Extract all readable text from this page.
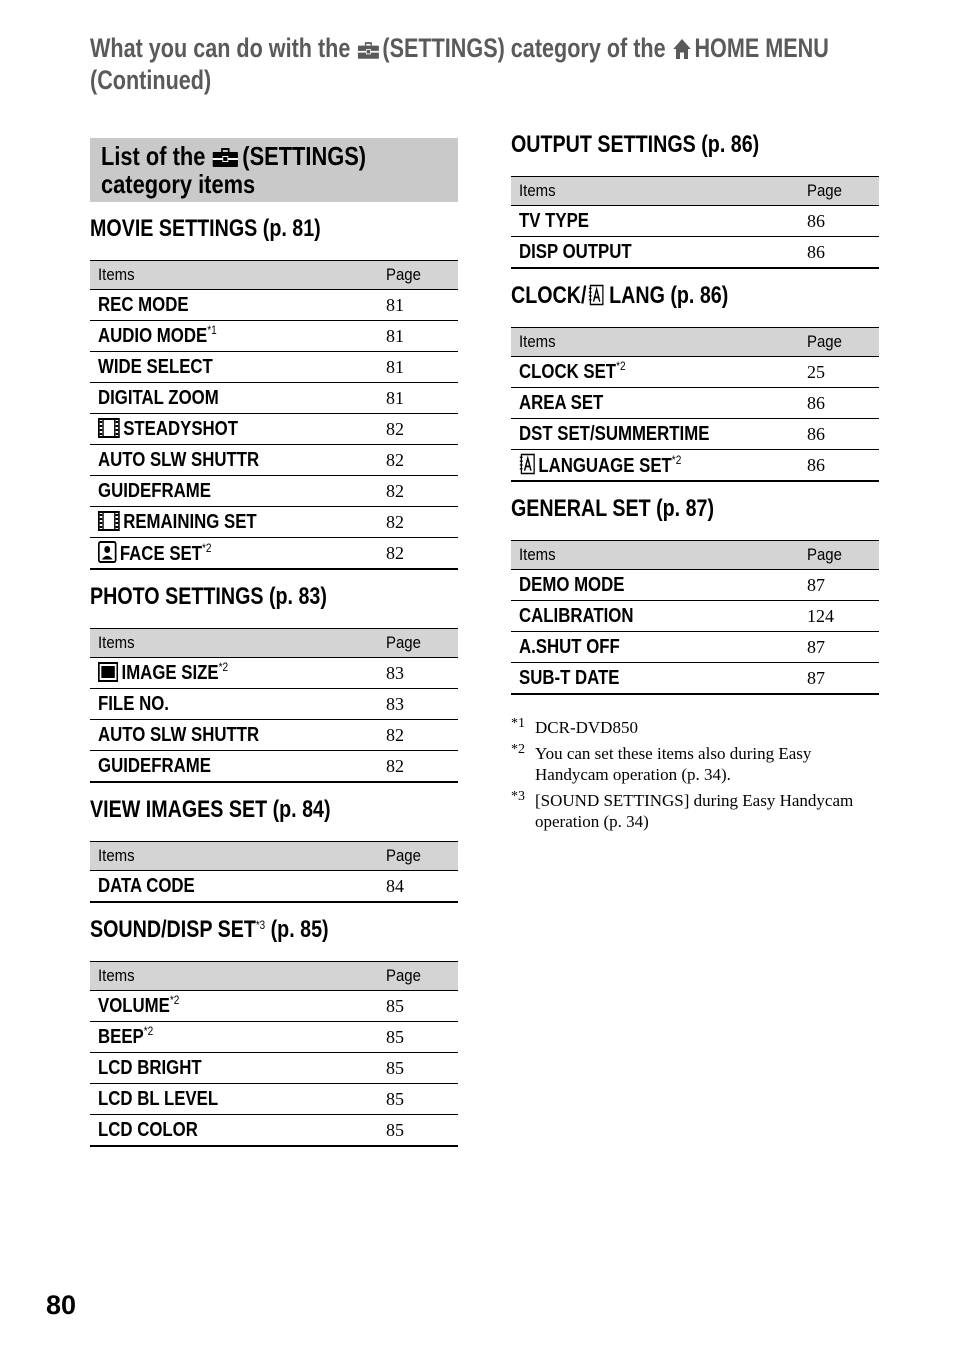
What you can do with the (SETTINGS) category of the HOME MENU
(Continued)
List of the (SETTINGS)
category items
MOVIE SETTINGS (p. 81)
Items	Page
REC MODE	81
AUDIO MODE$^{*1}$	81
WIDE SELECT	81
DIGITAL ZOOM	81
STEADYSHOT	82
AUTO SLW SHUTTR	82
GUIDEFRAME	82
REMAINING SET	82
FACE SET$^{*2}$	82
PHOTO SETTINGS (p. 83)
Items	Page
IMAGE SIZE$^{*2}$	83
FILE NO.	83
AUTO SLW SHUTTR	82
GUIDEFRAME	82
VIEW IMAGES SET (p. 84)
Items	Page
DATA CODE	84
SOUND/DISP SET$^{*3}$ (p. 85)
Items	Page
VOLUME$^{*2}$	85
BEEP$^{*2}$	85
LCD BRIGHT	85
LCD BL LEVEL	85
LCD COLOR	85
OUTPUT SETTINGS (p. 86)
Items	Page
TV TYPE	86
DISP OUTPUT	86
CLOCK/ LANG (p. 86)
Items	Page
CLOCK SET$^{*2}$	25
AREA SET	86
DST SET/SUMMERTIME	86
LANGUAGE SET$^{*2}$	86
GENERAL SET (p. 87)
Items	Page
DEMO MODE	87
CALIBRATION	124
A.SHUT OFF	87
SUB-T DATE	87
*1 DCR-DVD850
*2 You can set these items also during Easy Handycam operation (p. 34).
*3 [SOUND SETTINGS] during Easy Handycam operation (p. 34)
80
